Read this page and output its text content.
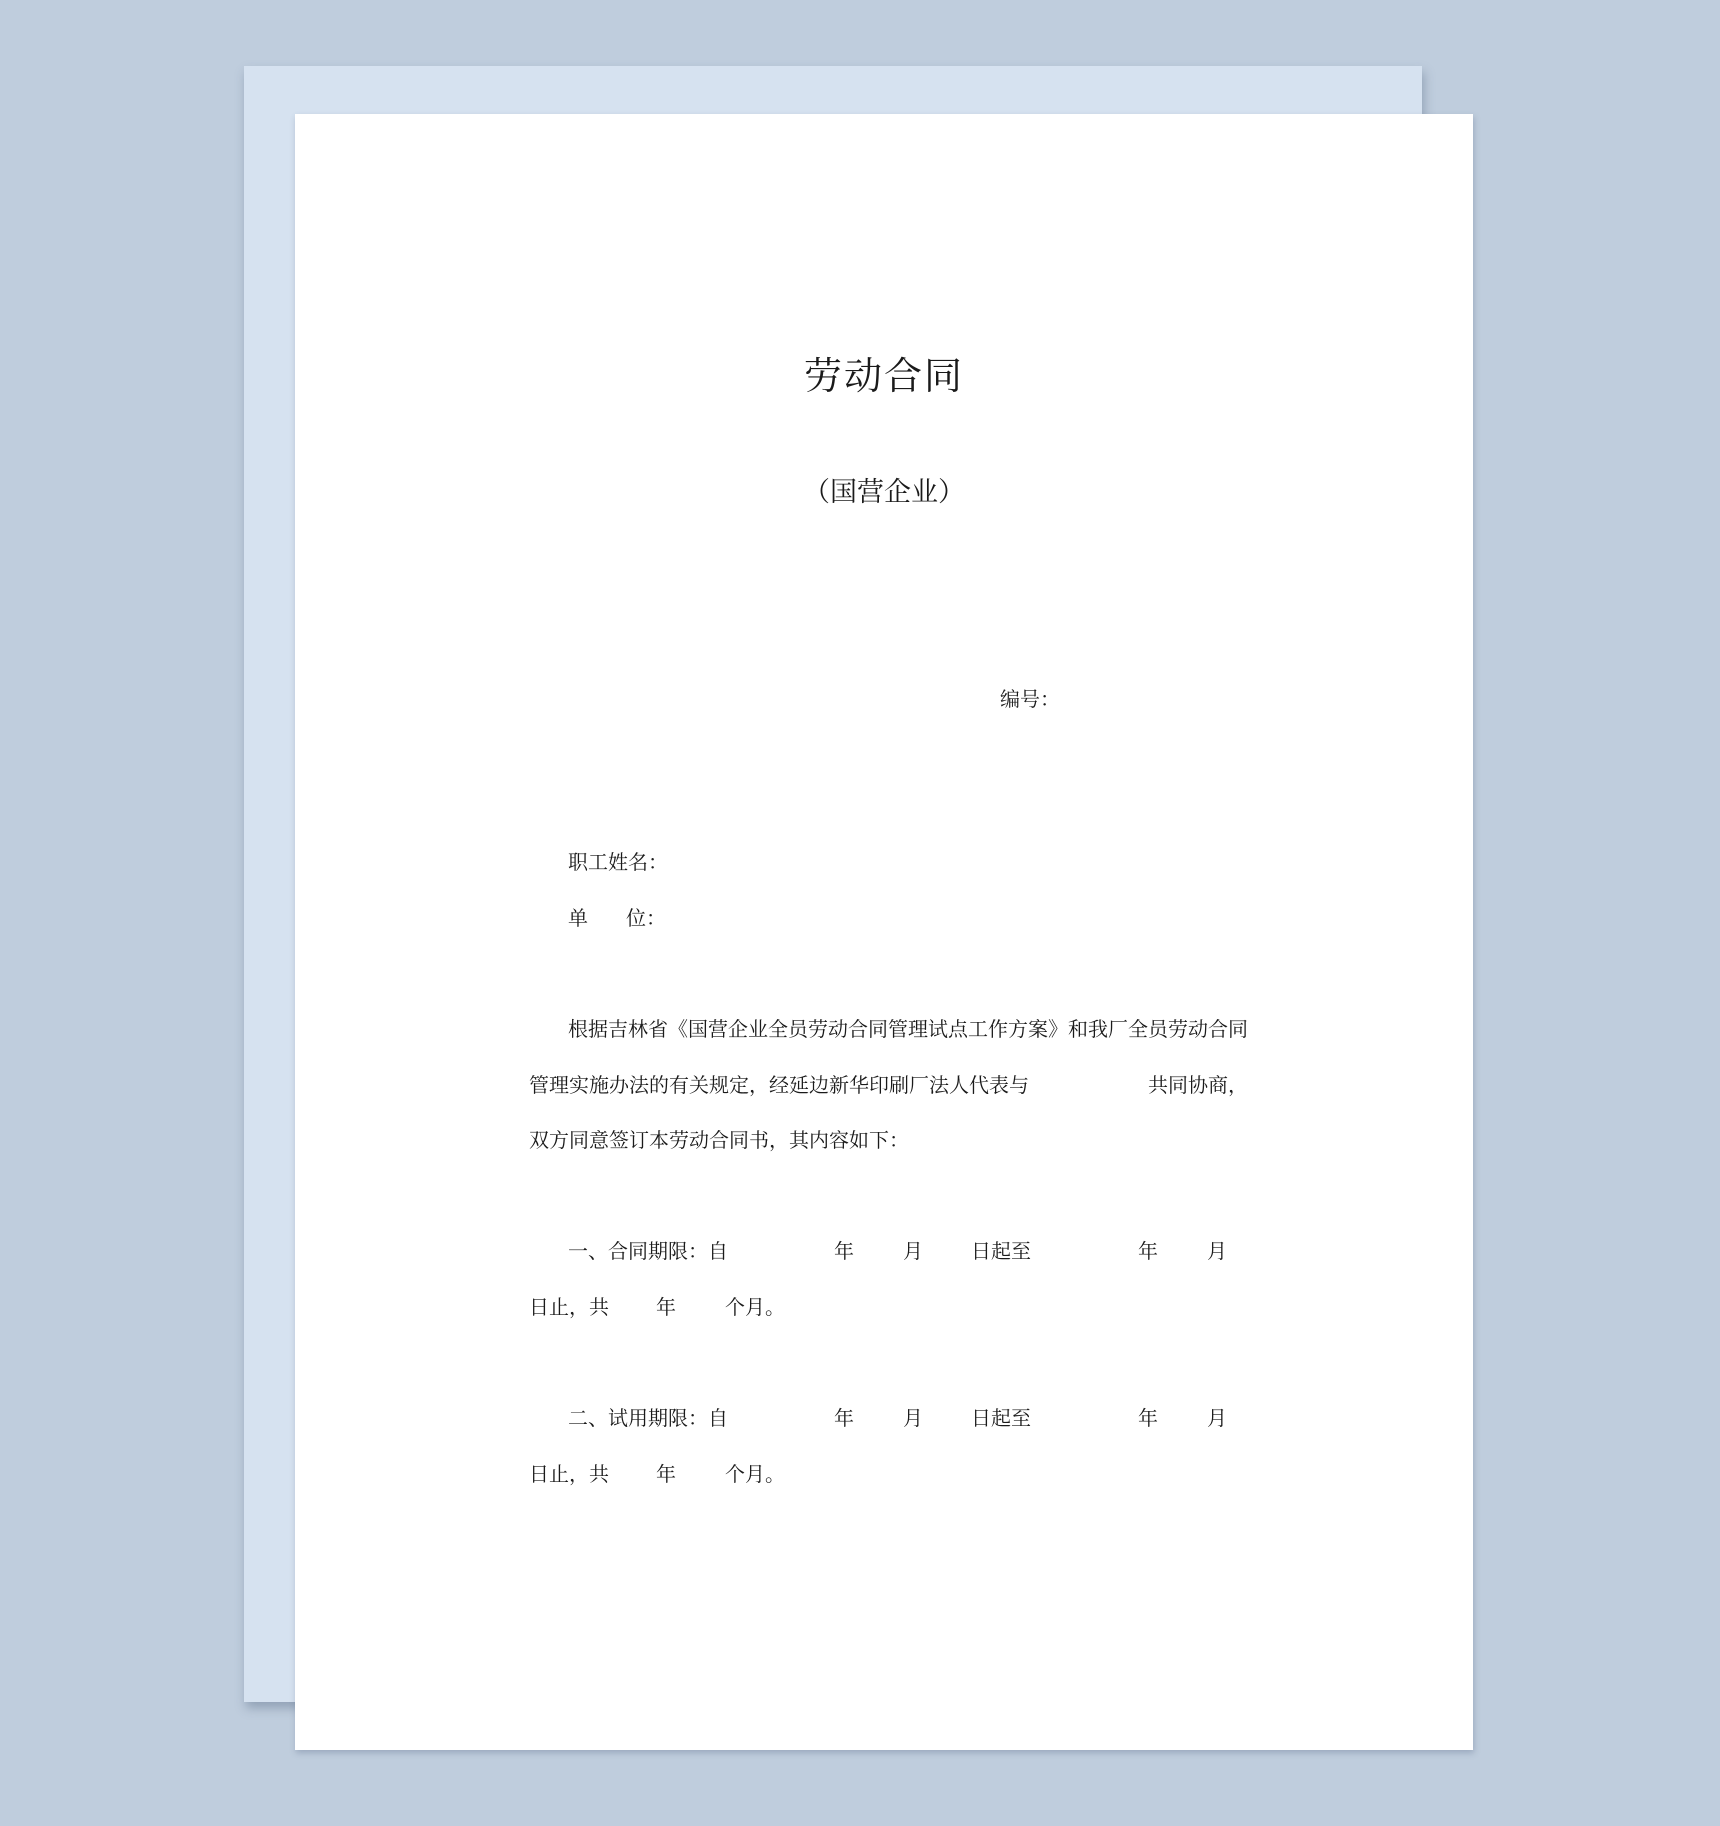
劳动合同
（国营企业）
编号：
职工姓名：
单 位：
根据吉林省《国营企业全员劳动合同管理试点工作方案》和我厂全员劳动合同
管理实施办法的有关规定，经延边新华印刷厂法人代表与	共同协商，
双方同意签订本劳动合同书，其内容如下：
一、合同期限：自	年 月 日起至	年 月
日止，共 年 个月。
二、试用期限：自	年 月 日起至	年 月
日止，共 年 个月。
